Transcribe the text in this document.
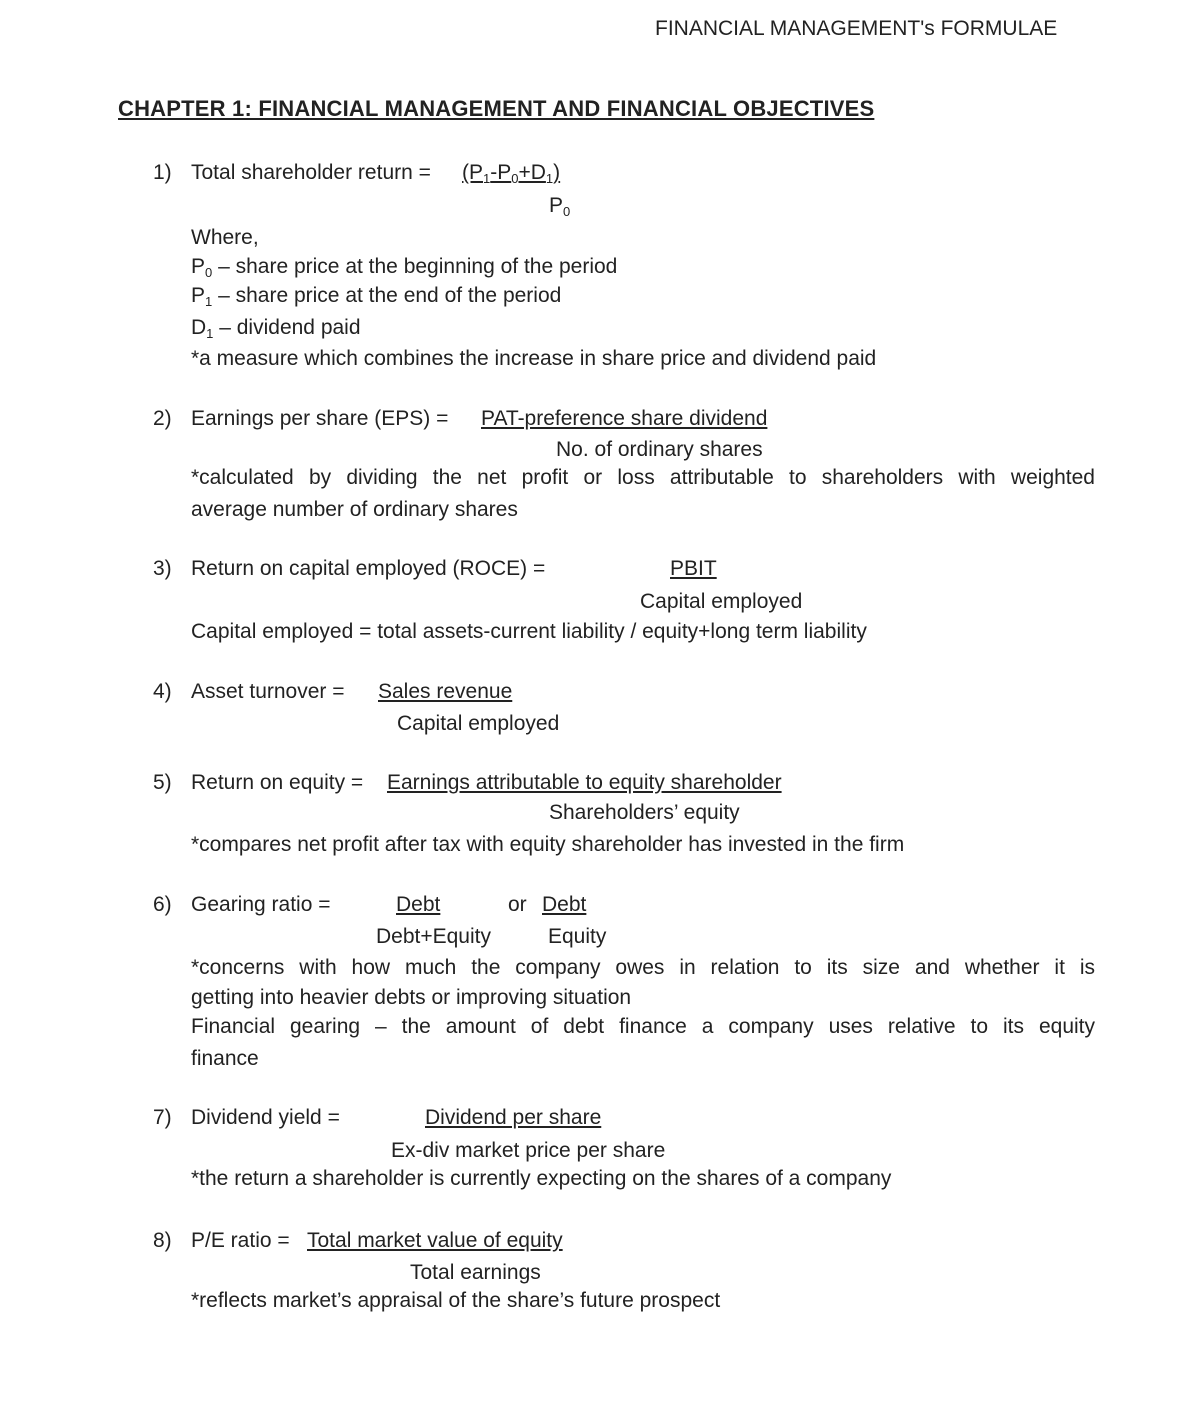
FINANCIAL MANAGEMENT's FORMULAE
CHAPTER 1: FINANCIAL MANAGEMENT AND FINANCIAL OBJECTIVES
1) Total shareholder return = $(P_1-P_0+D_1)$
$P_0$
Where,
$P_0$ – share price at the beginning of the period
$P_1$ – share price at the end of the period
$D_1$ – dividend paid
*a measure which combines the increase in share price and dividend paid
2) Earnings per share (EPS) = PAT-preference share dividend
No. of ordinary shares
*calculated by dividing the net profit or loss attributable to shareholders with weighted
average number of ordinary shares
3) Return on capital employed (ROCE) =	PBIT
Capital employed
Capital employed = total assets-current liability / equity+long term liability
4) Asset turnover = Sales revenue
Capital employed
5) Return on equity = Earnings attributable to equity shareholder
Shareholders’ equity
*compares net profit after tax with equity shareholder has invested in the firm
6) Gearing ratio =	Debt	or Debt
Debt+Equity	Equity
*concerns with how much the company owes in relation to its size and whether it is
getting into heavier debts or improving situation
Financial gearing – the amount of debt finance a company uses relative to its equity
finance
7) Dividend yield =	Dividend per share
Ex-div market price per share
*the return a shareholder is currently expecting on the shares of a company
8) P/E ratio = Total market value of equity
Total earnings
*reflects market’s appraisal of the share’s future prospect
